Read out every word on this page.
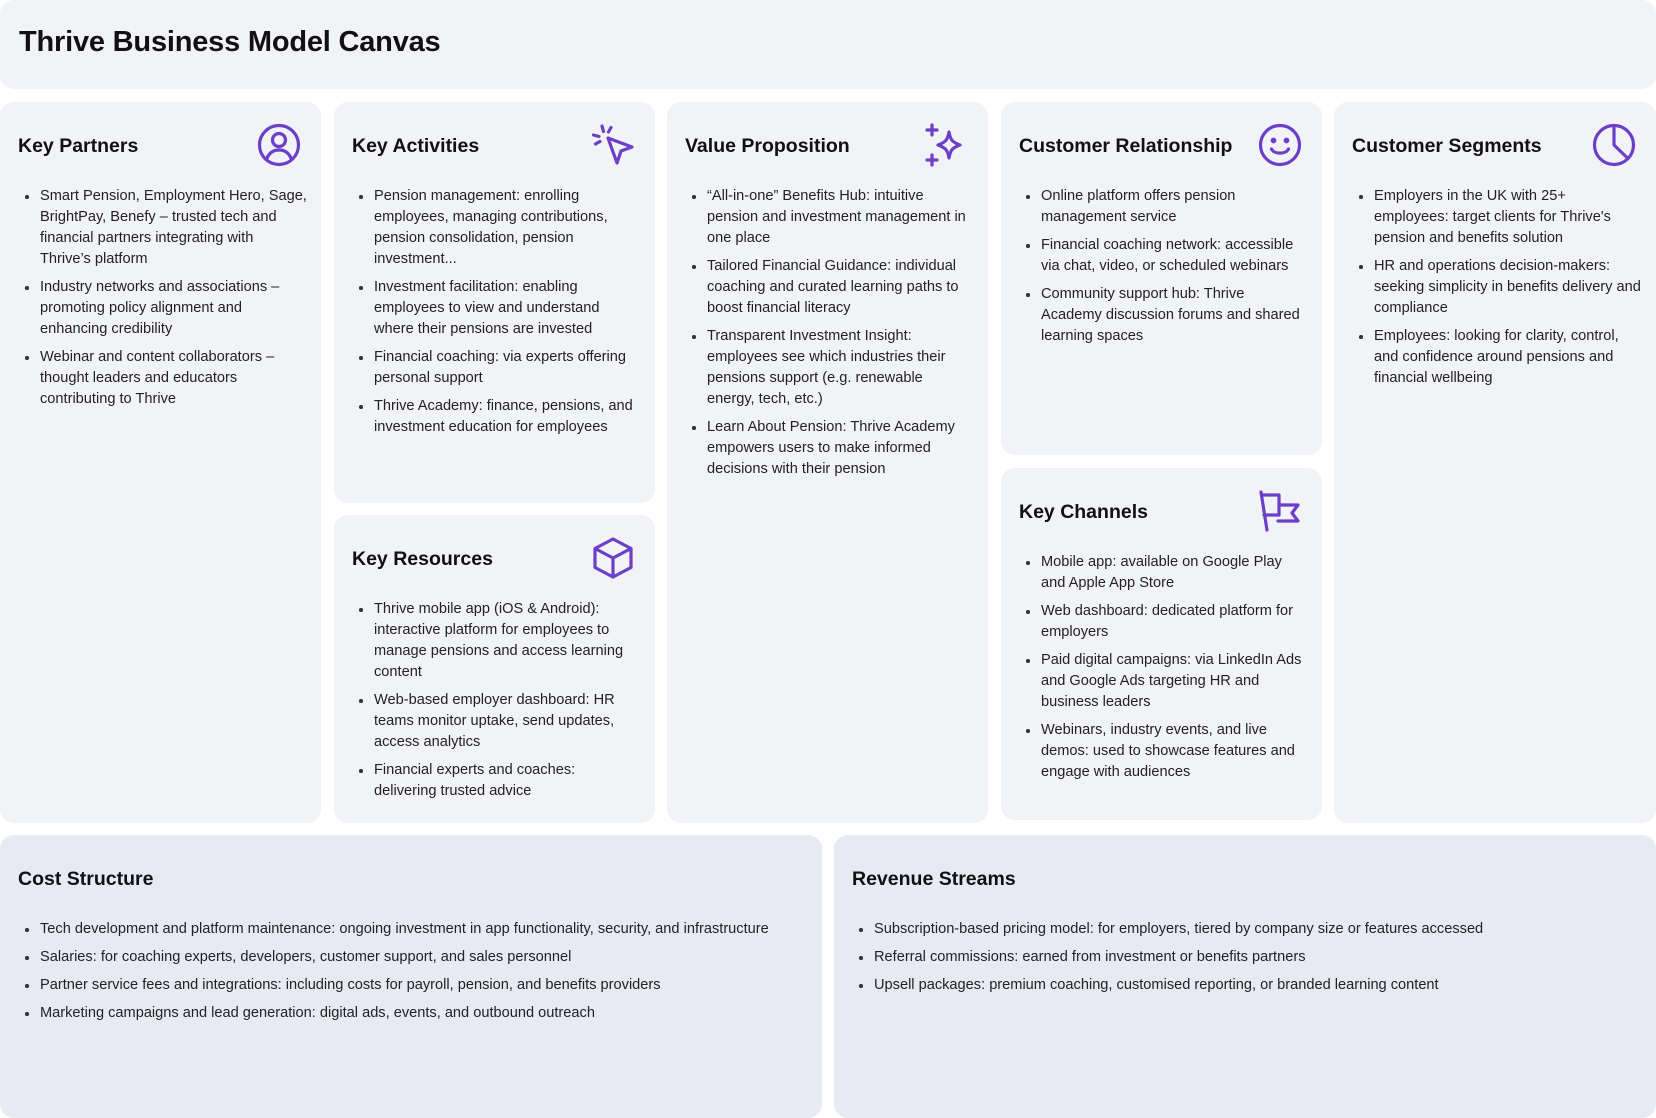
Thrive Business Model Canvas
Key Partners
Smart Pension, Employment Hero, Sage, BrightPay, Benefy – trusted tech and financial partners integrating with Thrive’s platform
Industry networks and associations – promoting policy alignment and enhancing credibility
Webinar and content collaborators – thought leaders and educators contributing to Thrive
Key Activities
Pension management: enrolling employees, managing contributions, pension consolidation, pension investment...
Investment facilitation: enabling employees to view and understand where their pensions are invested
Financial coaching: via experts offering personal support
Thrive Academy: finance, pensions, and investment education for employees
Key Resources
Thrive mobile app (iOS & Android): interactive platform for employees to manage pensions and access learning content
Web-based employer dashboard: HR teams monitor uptake, send updates, access analytics
Financial experts and coaches: delivering trusted advice
Value Proposition
“All-in-one” Benefits Hub: intuitive pension and investment management in one place
Tailored Financial Guidance: individual coaching and curated learning paths to boost financial literacy
Transparent Investment Insight: employees see which industries their pensions support (e.g. renewable energy, tech, etc.)
Learn About Pension: Thrive Academy empowers users to make informed decisions with their pension
Customer Relationship
Online platform offers pension management service
Financial coaching network: accessible via chat, video, or scheduled webinars
Community support hub: Thrive Academy discussion forums and shared learning spaces
Key Channels
Mobile app: available on Google Play and Apple App Store
Web dashboard: dedicated platform for employers
Paid digital campaigns: via LinkedIn Ads and Google Ads targeting HR and business leaders
Webinars, industry events, and live demos: used to showcase features and engage with audiences
Customer Segments
Employers in the UK with 25+ employees: target clients for Thrive's pension and benefits solution
HR and operations decision-makers: seeking simplicity in benefits delivery and compliance
Employees: looking for clarity, control, and confidence around pensions and financial wellbeing
Cost Structure
Tech development and platform maintenance: ongoing investment in app functionality, security, and infrastructure
Salaries: for coaching experts, developers, customer support, and sales personnel
Partner service fees and integrations: including costs for payroll, pension, and benefits providers
Marketing campaigns and lead generation: digital ads, events, and outbound outreach
Revenue Streams
Subscription-based pricing model: for employers, tiered by company size or features accessed
Referral commissions: earned from investment or benefits partners
Upsell packages: premium coaching, customised reporting, or branded learning content
